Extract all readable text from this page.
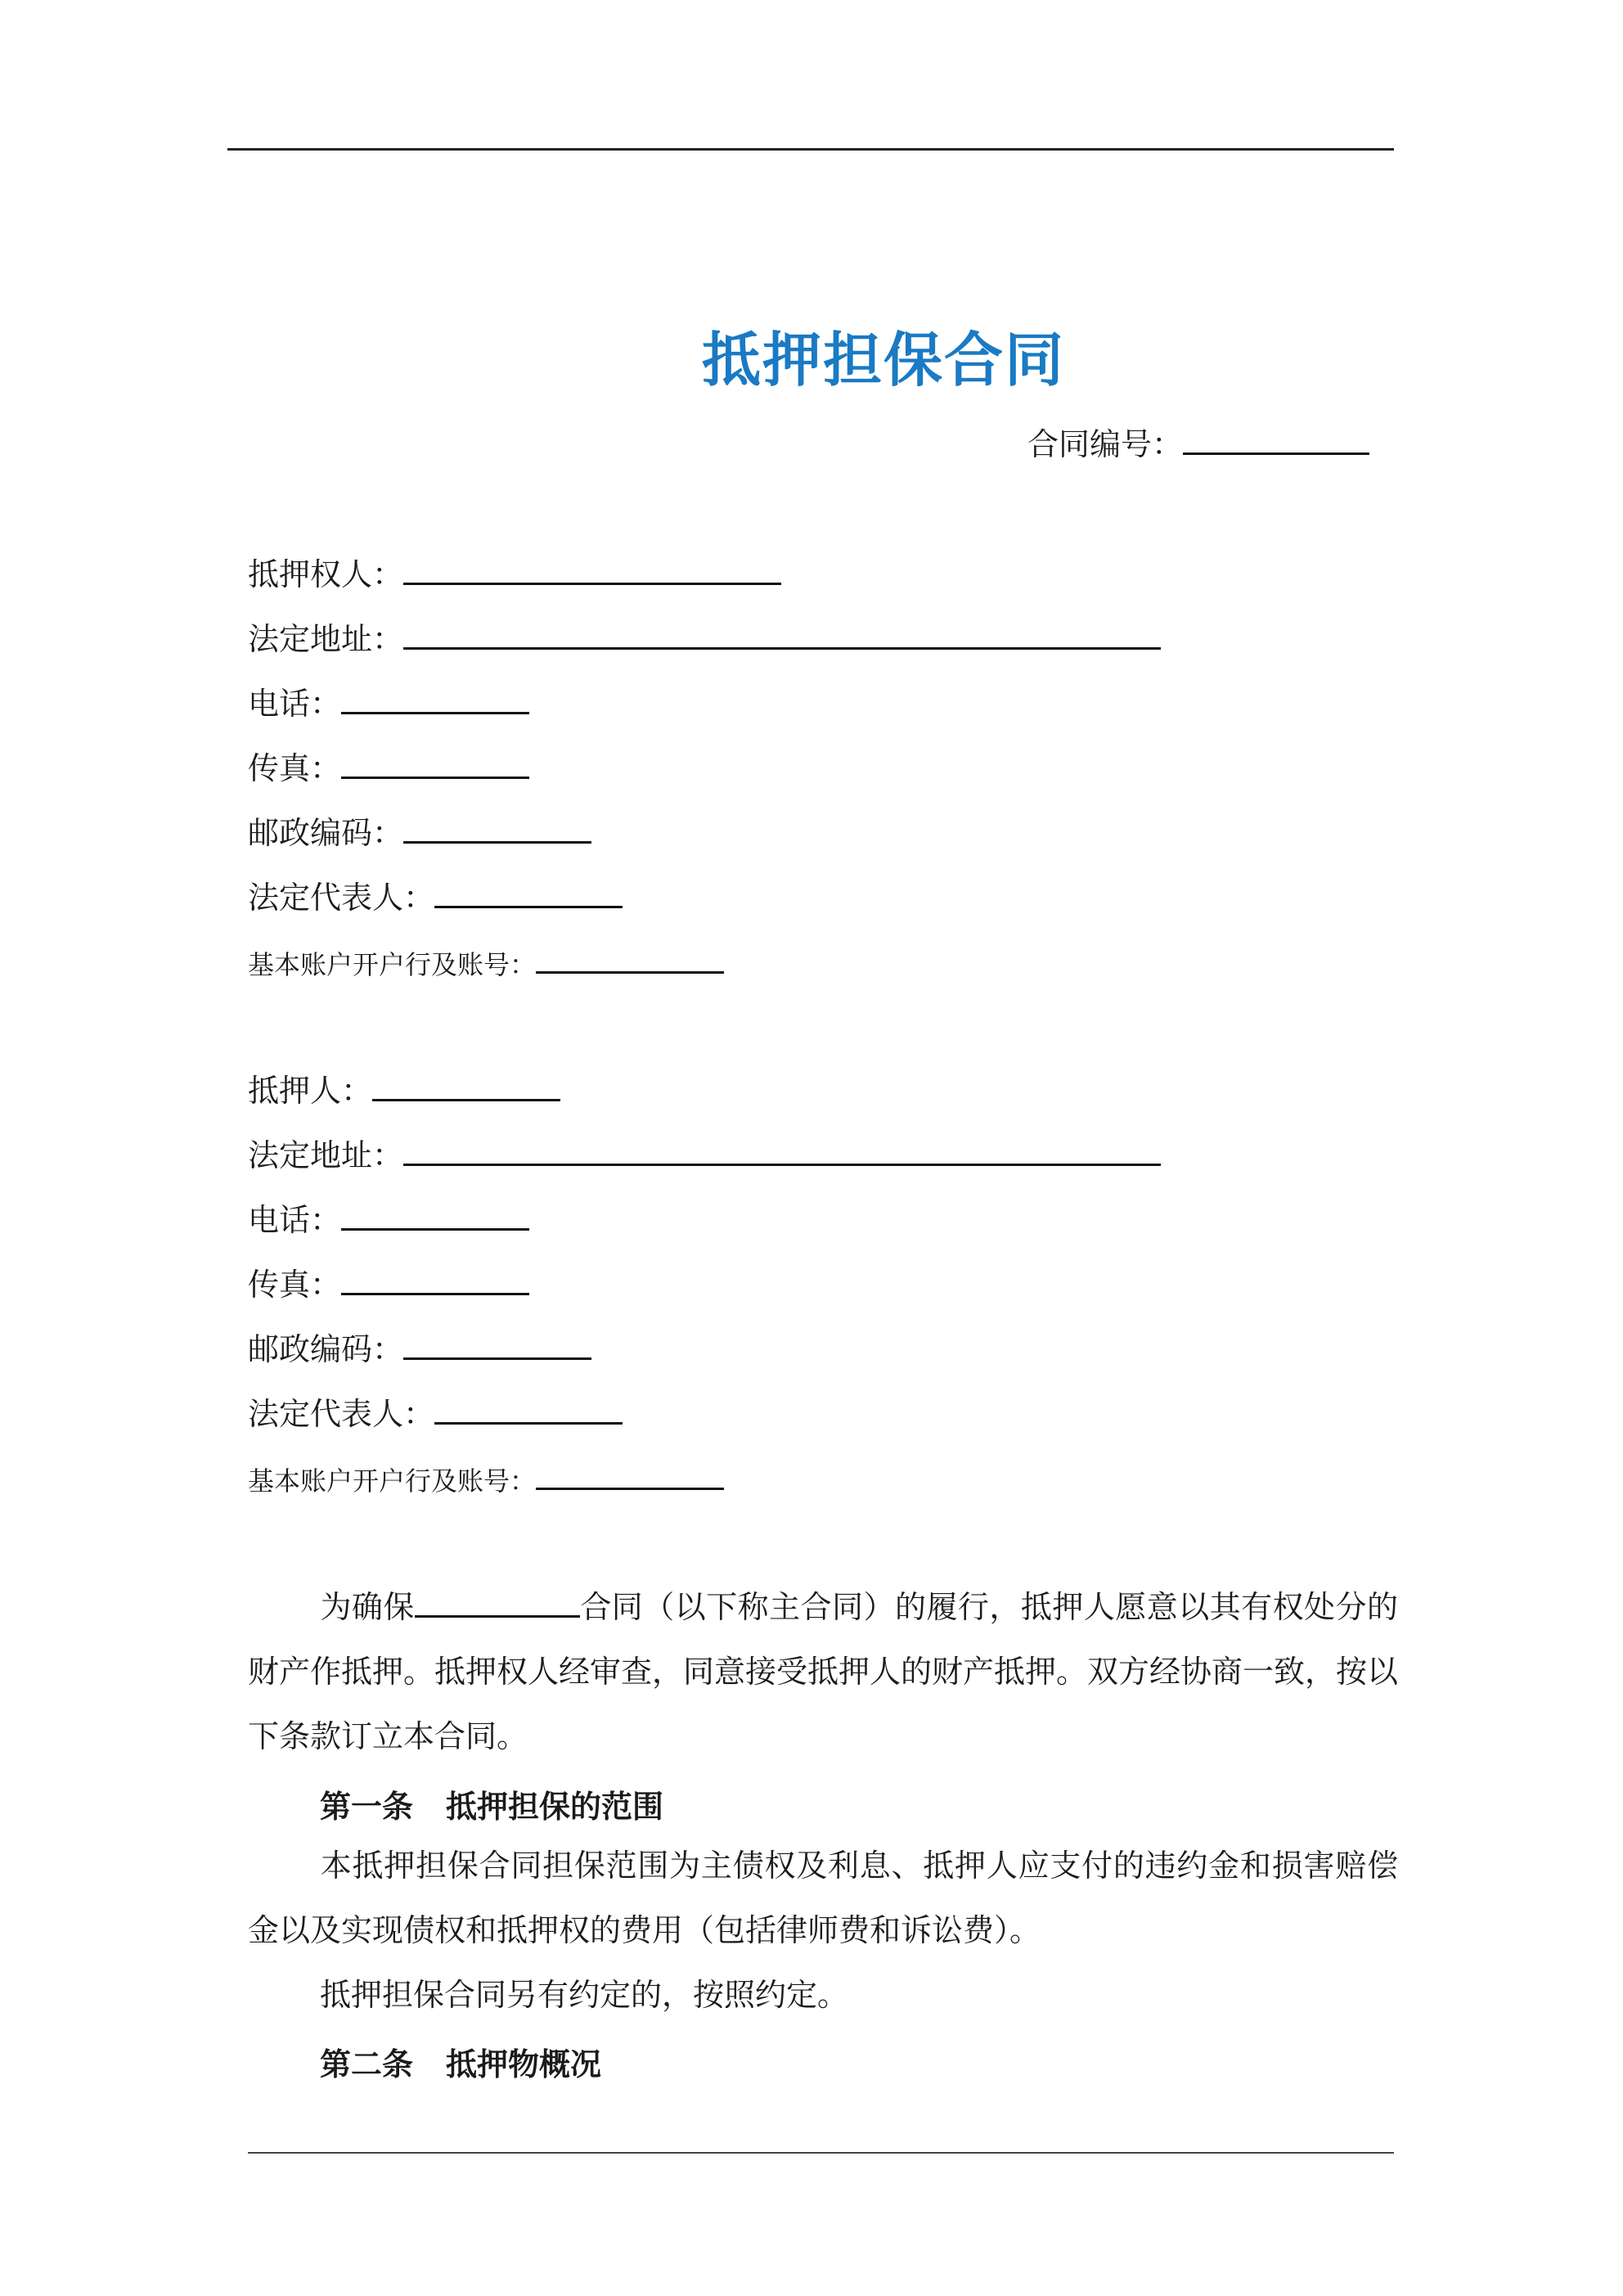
抵押担保合同
合同编号：
抵押权人：
法定地址：
电话：
传真：
邮政编码：
法定代表人：
基本账户开户行及账号：
抵押人：
法定地址：
电话：
传真：
邮政编码：
法定代表人：
基本账户开户行及账号：
为确保	合同（以下称主合同）的履行，抵押人愿意以其有权处分的财产作抵押。抵押权人经审查，同意接受抵押人的财产抵押。双方经协商一致，按以下条款订立本合同。
第一条 抵押担保的范围
本抵押担保合同担保范围为主债权及利息、抵押人应支付的违约金和损害赔偿金以及实现债权和抵押权的费用（包括律师费和诉讼费）。
抵押担保合同另有约定的，按照约定。
第二条 抵押物概况
